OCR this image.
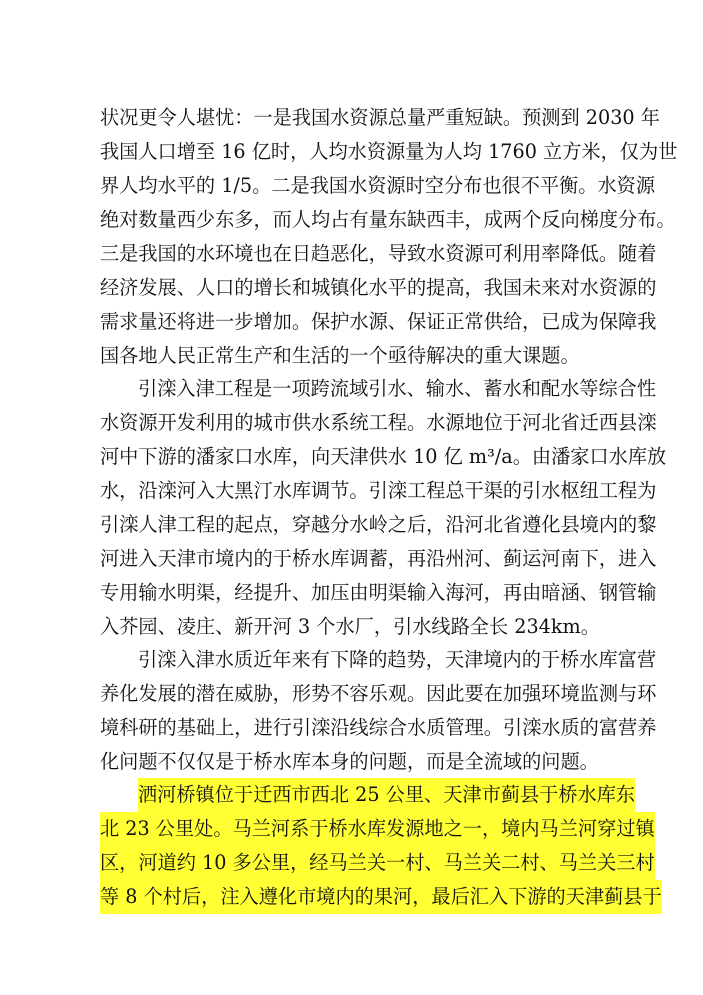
状况更令人堪忧：一是我国水资源总量严重短缺。预测到 2030 年
我国人口增至 16 亿时，人均水资源量为人均 1760 立方米，仅为世
界人均水平的 1/5。二是我国水资源时空分布也很不平衡。水资源
绝对数量西少东多，而人均占有量东缺西丰，成两个反向梯度分布。
三是我国的水环境也在日趋恶化，导致水资源可利用率降低。随着
经济发展、人口的增长和城镇化水平的提高，我国未来对水资源的
需求量还将进一步增加。保护水源、保证正常供给，已成为保障我
国各地人民正常生产和生活的一个亟待解决的重大课题。
引滦入津工程是一项跨流域引水、输水、蓄水和配水等综合性
水资源开发利用的城市供水系统工程。水源地位于河北省迁西县滦
河中下游的潘家口水库，向天津供水 10 亿 m³/a。由潘家口水库放
水，沿滦河入大黑汀水库调节。引滦工程总干渠的引水枢纽工程为
引滦人津工程的起点，穿越分水岭之后，沿河北省遵化县境内的黎
河进入天津市境内的于桥水库调蓄，再沿州河、蓟运河南下，进入
专用输水明渠，经提升、加压由明渠输入海河，再由暗涵、钢管输
入芥园、凌庄、新开河 3 个水厂，引水线路全长 234km。
引滦入津水质近年来有下降的趋势，天津境内的于桥水库富营
养化发展的潜在威胁，形势不容乐观。因此要在加强环境监测与环
境科研的基础上，进行引滦沿线综合水质管理。引滦水质的富营养
化问题不仅仅是于桥水库本身的问题，而是全流域的问题。
洒河桥镇位于迁西市西北 25 公里、天津市蓟县于桥水库东
北 23 公里处。马兰河系于桥水库发源地之一，境内马兰河穿过镇
区，河道约 10 多公里，经马兰关一村、马兰关二村、马兰关三村
等 8 个村后，注入遵化市境内的果河，最后汇入下游的天津蓟县于
